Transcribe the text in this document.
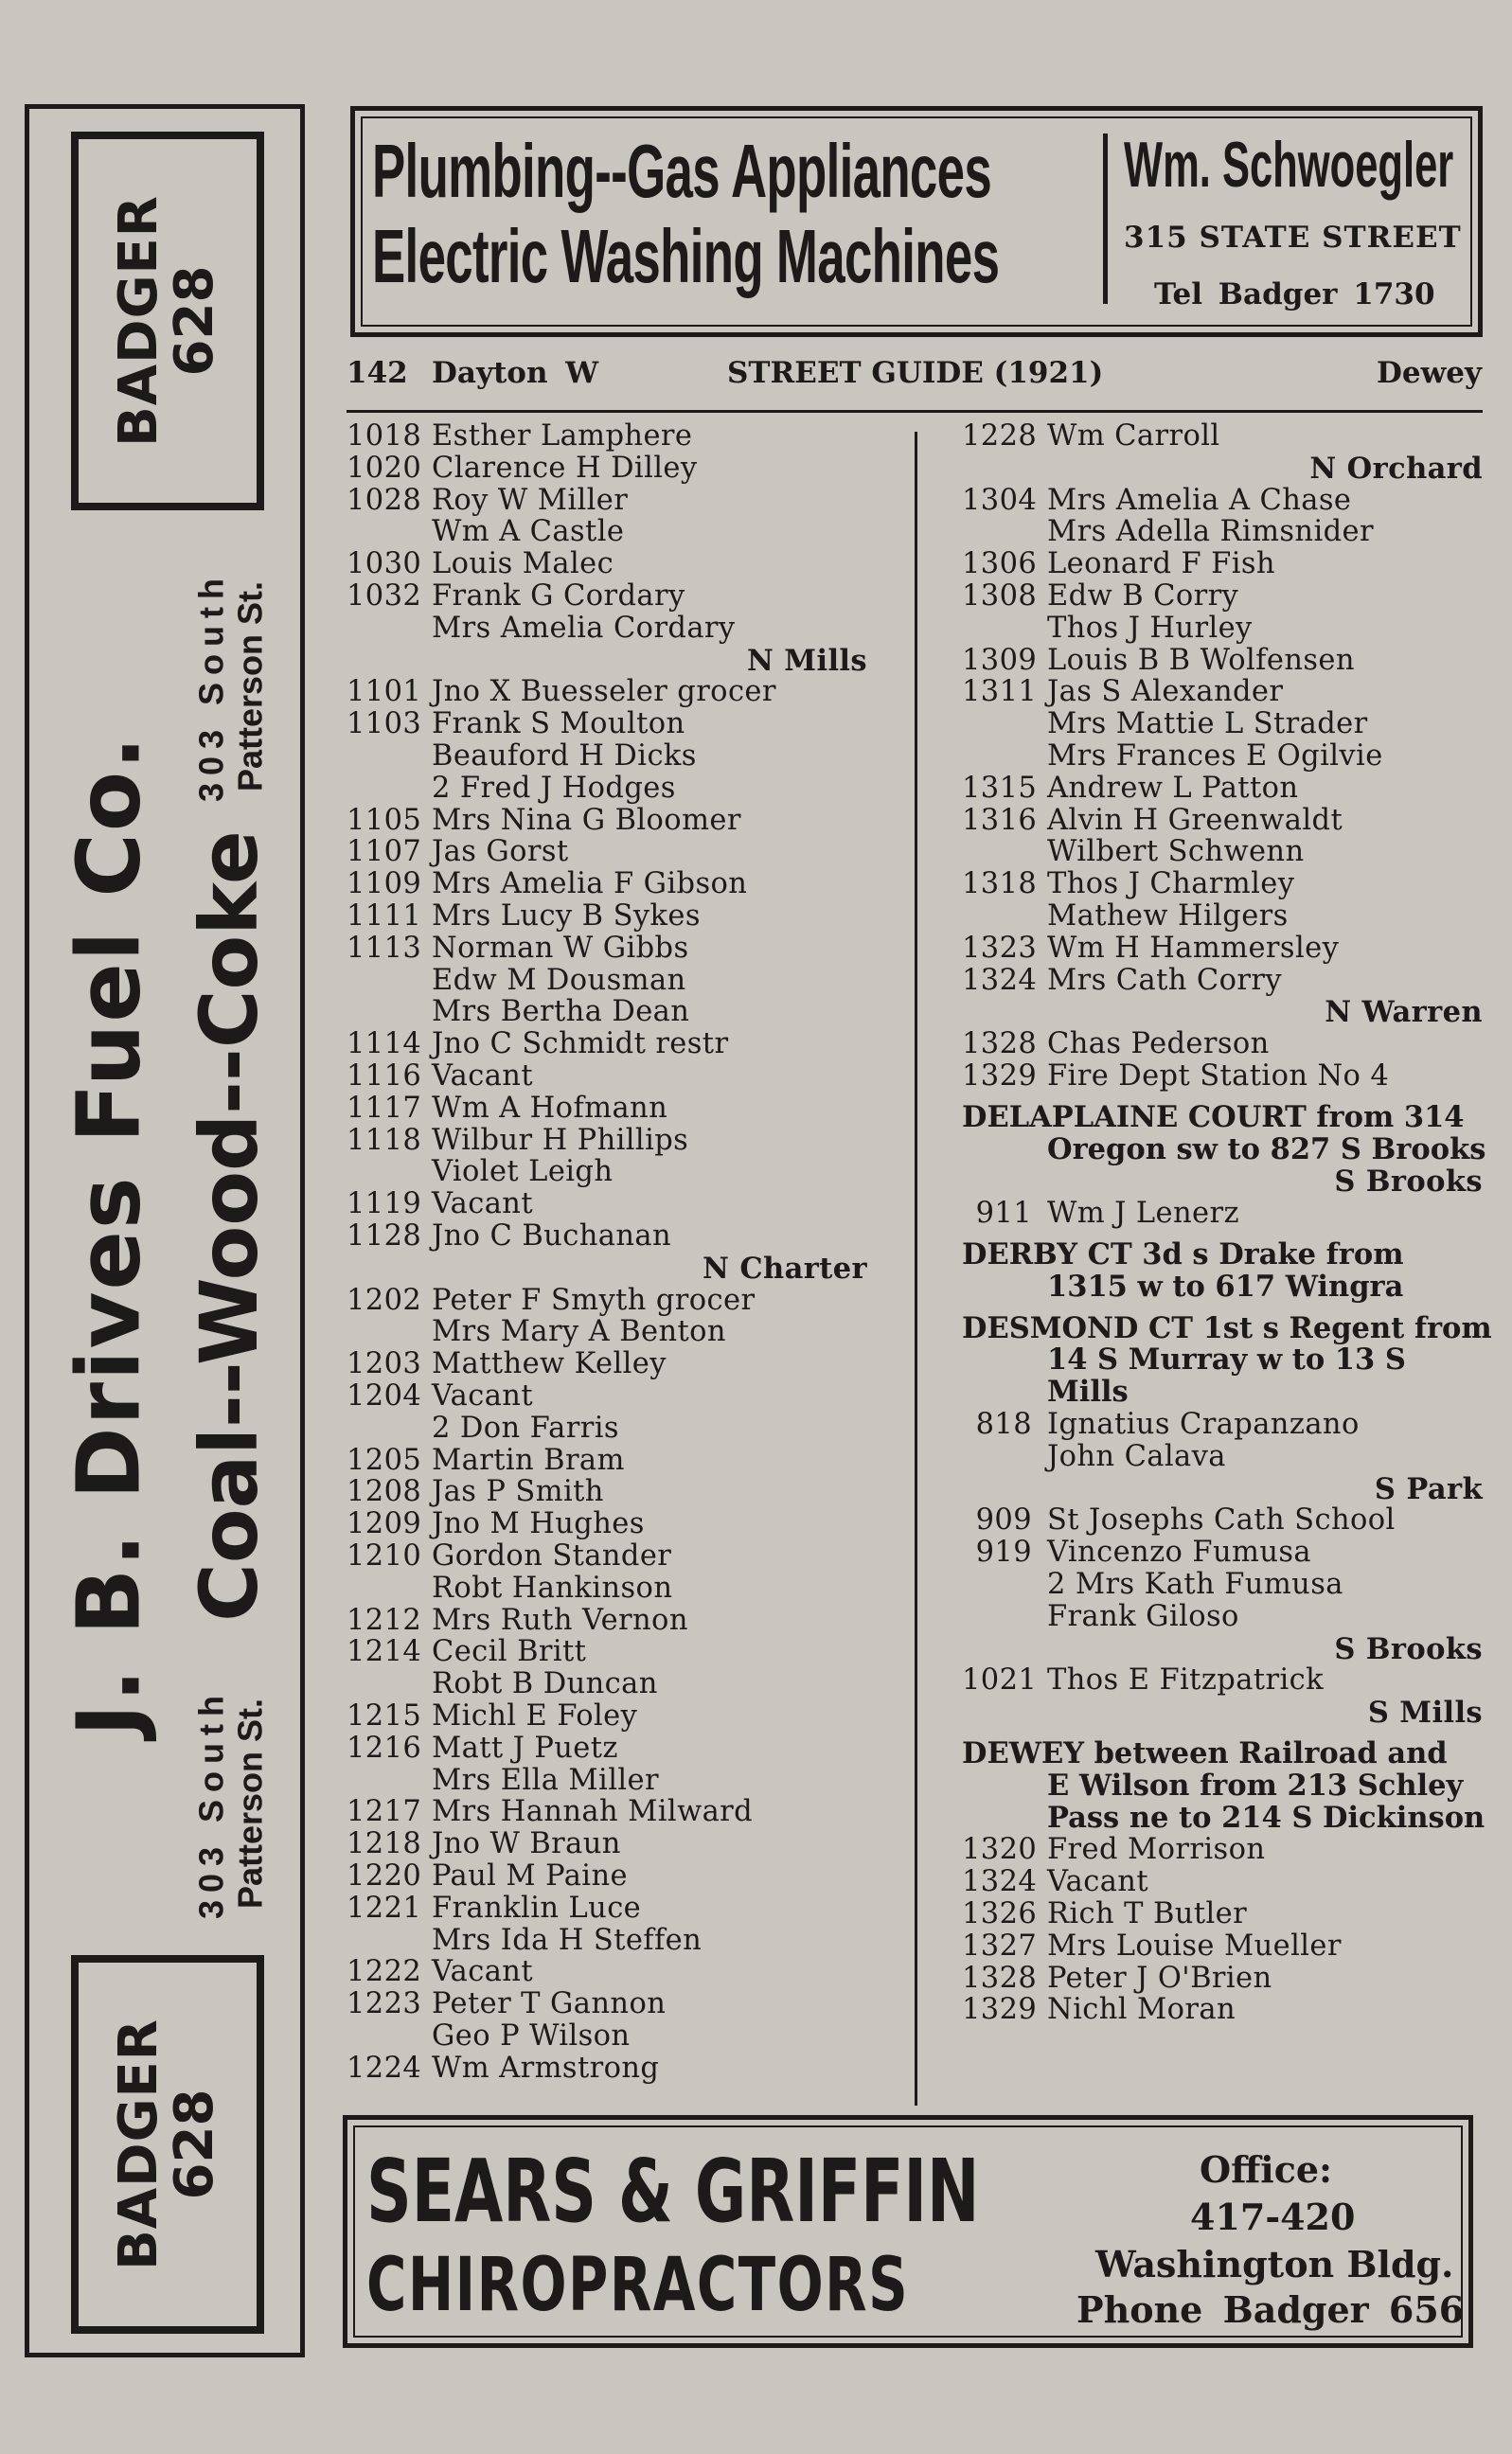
BADGER
628
BADGER
628
J. B. Drives Fuel Co. Coal--Wood--Coke
303 South Patterson St.
303 South Patterson St.
Plumbing--Gas Appliances
Electric Washing Machines
Wm. Schwoegler
315 STATE STREET
Tel Badger 1730
142 Dayton W	STREET GUIDE (1921)	Dewey
1018 Esther Lamphere
1020 Clarence H Dilley
1028 Roy W Miller
Wm A Castle
1030 Louis Malec
1032 Frank G Cordary
Mrs Amelia Cordary
N Mills
1101 Jno X Buesseler grocer
1103 Frank S Moulton
Beauford H Dicks
2 Fred J Hodges
1105 Mrs Nina G Bloomer
1107 Jas Gorst
1109 Mrs Amelia F Gibson
1111 Mrs Lucy B Sykes
1113 Norman W Gibbs
Edw M Dousman
Mrs Bertha Dean
1114 Jno C Schmidt restr
1116 Vacant
1117 Wm A Hofmann
1118 Wilbur H Phillips
Violet Leigh
1119 Vacant
1128 Jno C Buchanan
N Charter
1202 Peter F Smyth grocer
Mrs Mary A Benton
1203 Matthew Kelley
1204 Vacant
2 Don Farris
1205 Martin Bram
1208 Jas P Smith
1209 Jno M Hughes
1210 Gordon Stander
Robt Hankinson
1212 Mrs Ruth Vernon
1214 Cecil Britt
Robt B Duncan
1215 Michl E Foley
1216 Matt J Puetz
Mrs Ella Miller
1217 Mrs Hannah Milward
1218 Jno W Braun
1220 Paul M Paine
1221 Franklin Luce
Mrs Ida H Steffen
1222 Vacant
1223 Peter T Gannon
Geo P Wilson
1224 Wm Armstrong
1228 Wm Carroll
N Orchard
1304 Mrs Amelia A Chase
Mrs Adella Rimsnider
1306 Leonard F Fish
1308 Edw B Corry
Thos J Hurley
1309 Louis B B Wolfensen
1311 Jas S Alexander
Mrs Mattie L Strader
Mrs Frances E Ogilvie
1315 Andrew L Patton
1316 Alvin H Greenwaldt
Wilbert Schwenn
1318 Thos J Charmley
Mathew Hilgers
1323 Wm H Hammersley
1324 Mrs Cath Corry
N Warren
1328 Chas Pederson
1329 Fire Dept Station No 4
DELAPLAINE COURT from 314
Oregon sw to 827 S Brooks
S Brooks
911 Wm J Lenerz
DERBY CT 3d s Drake from
1315 w to 617 Wingra
DESMOND CT 1st s Regent from
14 S Murray w to 13 S
Mills
818 Ignatius Crapanzano
John Calava
S Park
909 St Josephs Cath School
919 Vincenzo Fumusa
2 Mrs Kath Fumusa
Frank Giloso
S Brooks
1021 Thos E Fitzpatrick
S Mills
DEWEY between Railroad and
E Wilson from 213 Schley
Pass ne to 214 S Dickinson
1320 Fred Morrison
1324 Vacant
1326 Rich T Butler
1327 Mrs Louise Mueller
1328 Peter J O'Brien
1329 Nichl Moran
SEARS & GRIFFIN
CHIROPRACTORS
Office:
417-420
Washington Bldg.
Phone Badger 656
